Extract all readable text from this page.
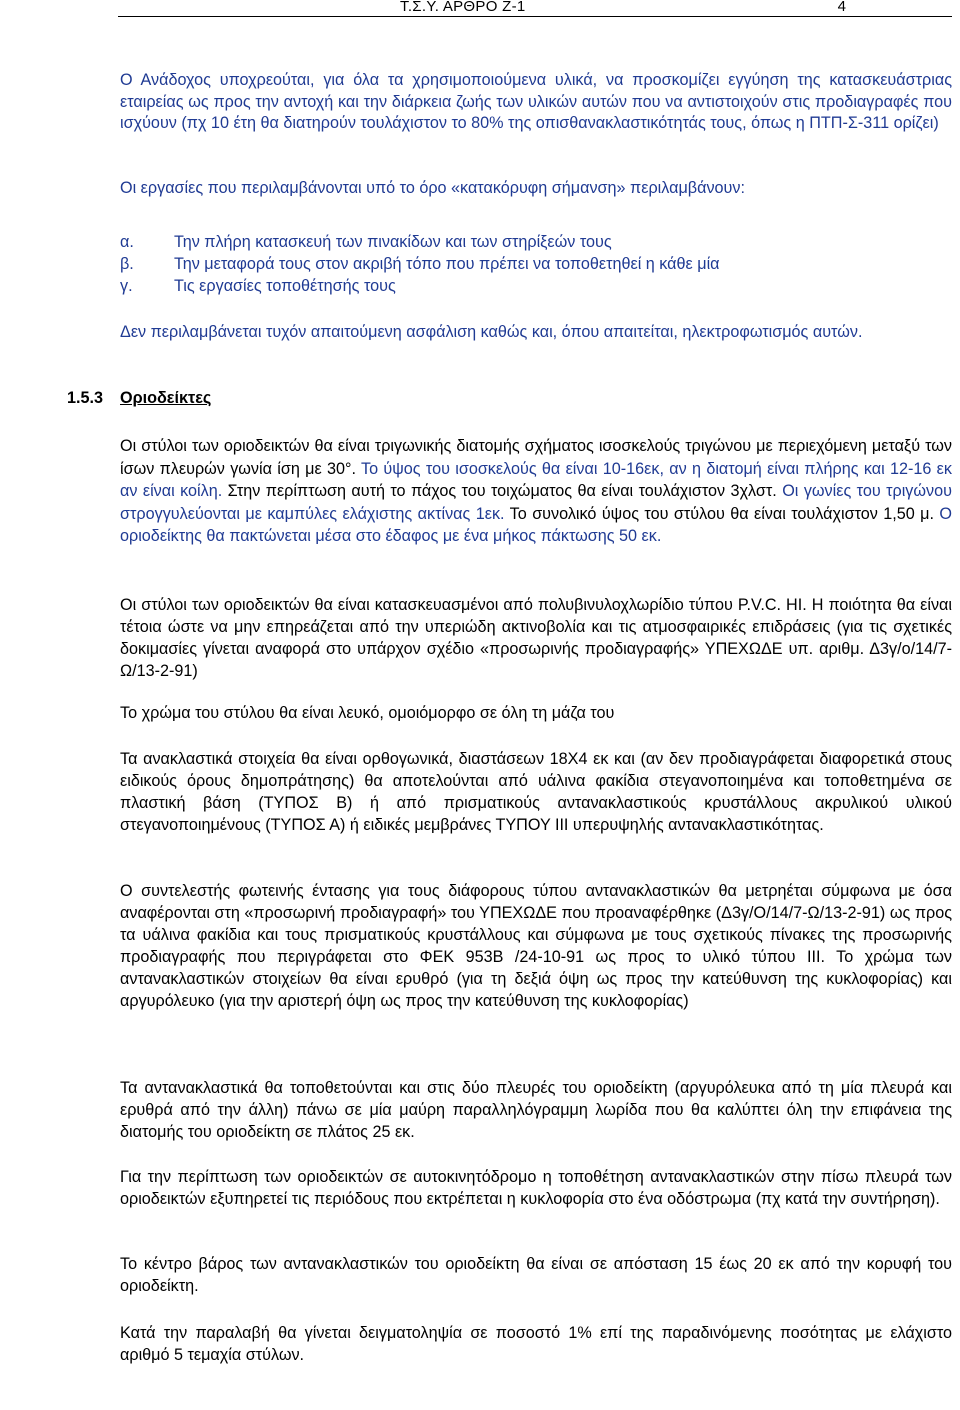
Τ.Σ.Υ. ΑΡΘΡΟ Ζ-1	4
Ο Ανάδοχος υποχρεούται, για όλα τα χρησιμοποιούμενα υλικά, να προσκομίζει εγγύηση της κατασκευάστριας εταιρείας ως προς την αντοχή και την διάρκεια ζωής των υλικών αυτών που να αντιστοιχούν στις προδιαγραφές που ισχύουν (πχ 10 έτη θα διατηρούν τουλάχιστον το 80% της οπισθανακλαστικότητάς τους, όπως η ΠΤΠ-Σ-311 ορίζει)
Οι εργασίες που περιλαμβάνονται υπό το όρο «κατακόρυφη σήμανση» περιλαμβάνουν:
α.	Την πλήρη κατασκευή των πινακίδων και των στηρίξεών τους
β.	Την μεταφορά τους στον ακριβή τόπο που πρέπει να τοποθετηθεί η κάθε μία
γ.	Τις εργασίες τοποθέτησής τους
Δεν περιλαμβάνεται τυχόν απαιτούμενη ασφάλιση καθώς και, όπου απαιτείται, ηλεκτροφωτισμός αυτών.
1.5.3 Οριοδείκτες
Οι στύλοι των οριοδεικτών θα είναι τριγωνικής διατομής σχήματος ισοσκελούς τριγώνου με περιεχόμενη μεταξύ των ίσων πλευρών γωνία ίση με 30°. Το ύψος του ισοσκελούς θα είναι 10-16εκ, αν η διατομή είναι πλήρης και 12-16 εκ αν είναι κοίλη. Στην περίπτωση αυτή το πάχος του τοιχώματος θα είναι τουλάχιστον 3χλστ. Οι γωνίες του τριγώνου στρογγυλεύονται με καμπύλες ελάχιστης ακτίνας 1εκ. Το συνολικό ύψος του στύλου θα είναι τουλάχιστον 1,50 μ. Ο οριοδείκτης θα πακτώνεται μέσα στο έδαφος με ένα μήκος πάκτωσης 50 εκ.
Οι στύλοι των οριοδεικτών θα είναι κατασκευασμένοι από πολυβινυλοχλωρίδιο τύπου P.V.C. HI. Η ποιότητα θα είναι τέτοια ώστε να μην επηρεάζεται από την υπεριώδη ακτινοβολία και τις ατμοσφαιρικές επιδράσεις (για τις σχετικές δοκιμασίες γίνεται αναφορά στο υπάρχον σχέδιο «προσωρινής προδιαγραφής» ΥΠΕΧΩΔΕ υπ. αριθμ. Δ3γ/ο/14/7-Ω/13-2-91)
Το χρώμα του στύλου θα είναι λευκό, ομοιόμορφο σε όλη τη μάζα του
Τα ανακλαστικά στοιχεία θα είναι ορθογωνικά, διαστάσεων 18Χ4 εκ και (αν δεν προδιαγράφεται διαφορετικά στους ειδικούς όρους δημοπράτησης) θα αποτελούνται από υάλινα φακίδια στεγανοποιημένα και τοποθετημένα σε πλαστική βάση (ΤΥΠΟΣ Β) ή από πρισματικούς αντανακλαστικούς κρυστάλλους ακρυλικού υλικού στεγανοποιημένους (ΤΥΠΟΣ Α) ή ειδικές μεμβράνες ΤΥΠΟΥ ΙΙΙ υπερυψηλής αντανακλαστικότητας.
Ο συντελεστής φωτεινής έντασης για τους διάφορους τύπου αντανακλαστικών θα μετρηέται σύμφωνα με όσα αναφέρονται στη «προσωρινή προδιαγραφή» του ΥΠΕΧΩΔΕ που προαναφέρθηκε (Δ3γ/Ο/14/7-Ω/13-2-91) ως προς τα υάλινα φακίδια και τους πρισματικούς κρυστάλλους και σύμφωνα με τους σχετικούς πίνακες της προσωρινής προδιαγραφής που περιγράφεται στο ΦΕΚ 953Β /24-10-91 ως προς το υλικό τύπου ΙΙΙ. Το χρώμα των αντανακλαστικών στοιχείων θα είναι ερυθρό (για τη δεξιά όψη ως προς την κατεύθυνση της κυκλοφορίας) και αργυρόλευκο (για την αριστερή όψη ως προς την κατεύθυνση της κυκλοφορίας)
Τα αντανακλαστικά θα τοποθετούνται και στις δύο πλευρές του οριοδείκτη (αργυρόλευκα από τη μία πλευρά και ερυθρά από την άλλη) πάνω σε μία μαύρη παραλληλόγραμμη λωρίδα που θα καλύπτει όλη την επιφάνεια της διατομής του οριοδείκτη σε πλάτος 25 εκ.
Για την περίπτωση των οριοδεικτών σε αυτοκινητόδρομο η τοποθέτηση αντανακλαστικών στην πίσω πλευρά των οριοδεικτών εξυπηρετεί τις περιόδους που εκτρέπεται η κυκλοφορία στο ένα οδόστρωμα (πχ κατά την συντήρηση).
Το κέντρο βάρος των αντανακλαστικών του οριοδείκτη θα είναι σε απόσταση 15 έως 20 εκ από την κορυφή του οριοδείκτη.
Κατά την παραλαβή θα γίνεται δειγματοληψία σε ποσοστό 1% επί της παραδινόμενης ποσότητας με ελάχιστο αριθμό 5 τεμαχία στύλων.
